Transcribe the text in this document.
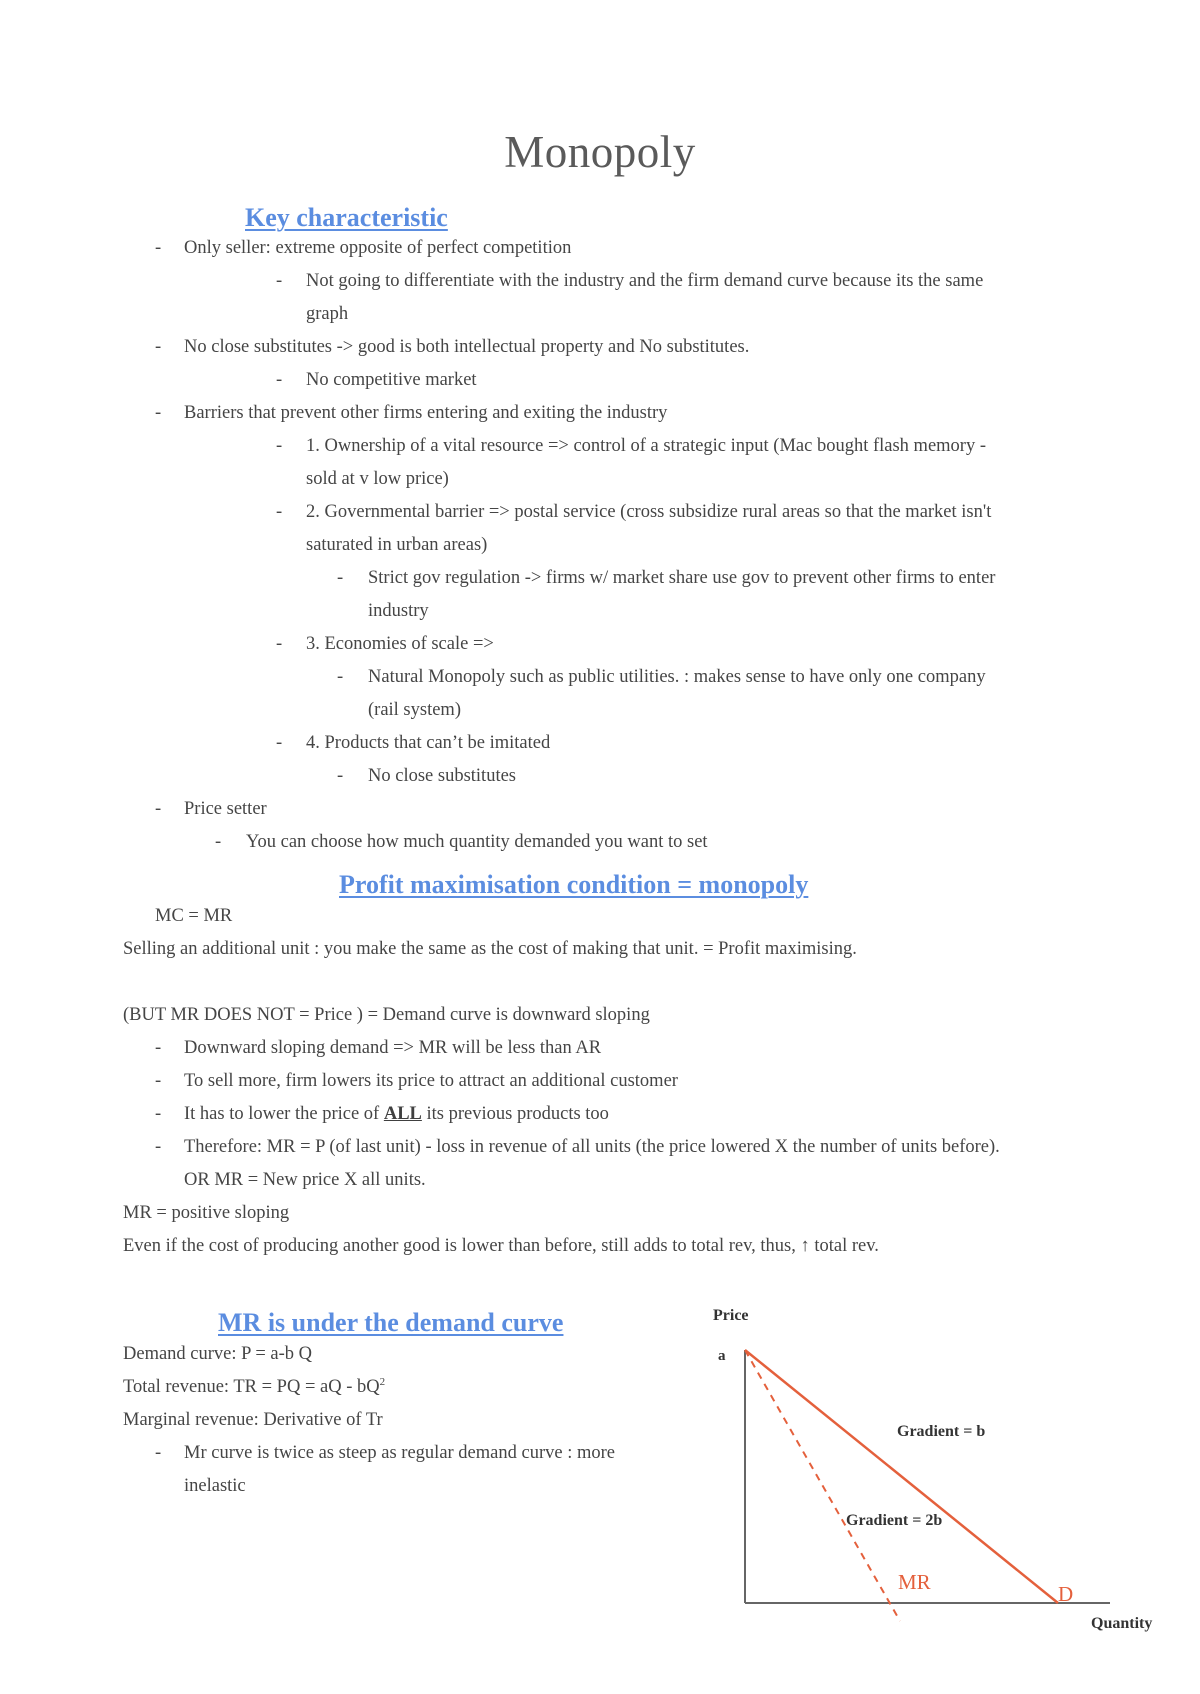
Monopoly
Key characteristic
- Only seller: extreme opposite of perfect competition
- Not going to differentiate with the industry and the firm demand curve because its the same
graph
- No close substitutes -> good is both intellectual property and No substitutes.
- No competitive market
- Barriers that prevent other firms entering and exiting the industry
- 1. Ownership of a vital resource => control of a strategic input (Mac bought flash memory -
sold at v low price)
- 2. Governmental barrier => postal service (cross subsidize rural areas so that the market isn't
saturated in urban areas)
- Strict gov regulation -> firms w/ market share use gov to prevent other firms to enter
industry
- 3. Economies of scale =>
- Natural Monopoly such as public utilities. : makes sense to have only one company
(rail system)
- 4. Products that can’t be imitated
- No close substitutes
- Price setter
- You can choose how much quantity demanded you want to set
Profit maximisation condition = monopoly
MC = MR
Selling an additional unit : you make the same as the cost of making that unit. = Profit maximising.
(BUT MR DOES NOT = Price ) = Demand curve is downward sloping
- Downward sloping demand => MR will be less than AR
- To sell more, firm lowers its price to attract an additional customer
- It has to lower the price of ALL its previous products too
- Therefore: MR = P (of last unit) - loss in revenue of all units (the price lowered X the number of units before).
OR MR = New price X all units.
MR = positive sloping
Even if the cost of producing another good is lower than before, still adds to total rev, thus, ↑ total rev.
MR is under the demand curve
Demand curve: P = a-b Q
Total revenue: TR = PQ = aQ - $bQ^2$
Marginal revenue: Derivative of Tr
- Mr curve is twice as steep as regular demand curve : more
inelastic
Price
a
Gradient = b
Gradient = 2b
MR	D
Quantity
